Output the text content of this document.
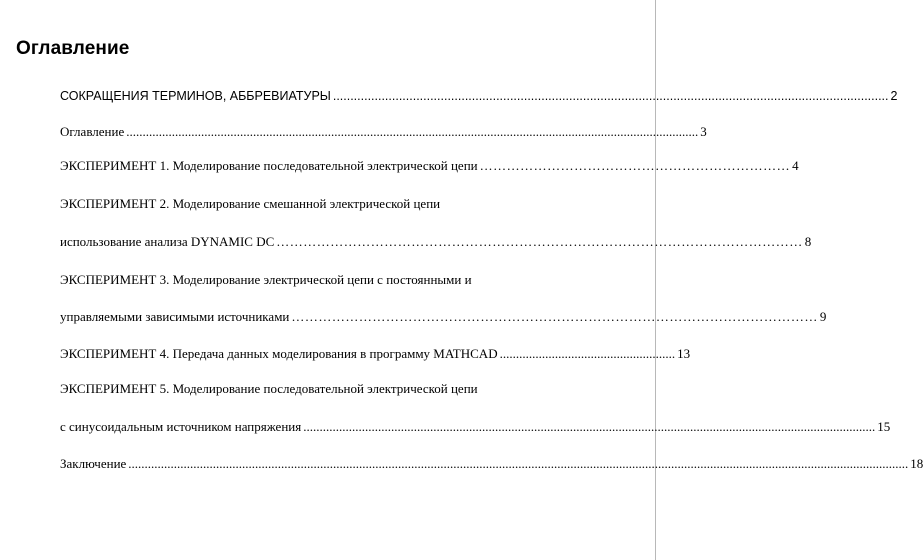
Оглавление
СОКРАЩЕНИЯ ТЕРМИНОВ, АББРЕВИАТУРЫ ................................................................................................................................................................ 2
Оглавление ................................................................................................................................................................................ 3
ЭКСПЕРИМЕНТ 1. Моделирование последовательной электрической цепи …………………………………………………………… 4
ЭКСПЕРИМЕНТ 2. Моделирование смешанной электрической цепи
использование анализа DYNAMIC DC ……………………………………………………………………………………………………… 8
ЭКСПЕРИМЕНТ 3. Моделирование электрической цепи с постоянными и
управляемыми зависимыми источниками ……………………………………………………………………………………………………… 9
ЭКСПЕРИМЕНТ 4. Передача данных моделирования в программу MATHCAD ...................................................... 13
ЭКСПЕРИМЕНТ 5. Моделирование последовательной электрической цепи
с синусоидальным источником напряжения ................................................................................................................................................................................ 15
Заключение ................................................................................................................................................................................................................................................ 18
